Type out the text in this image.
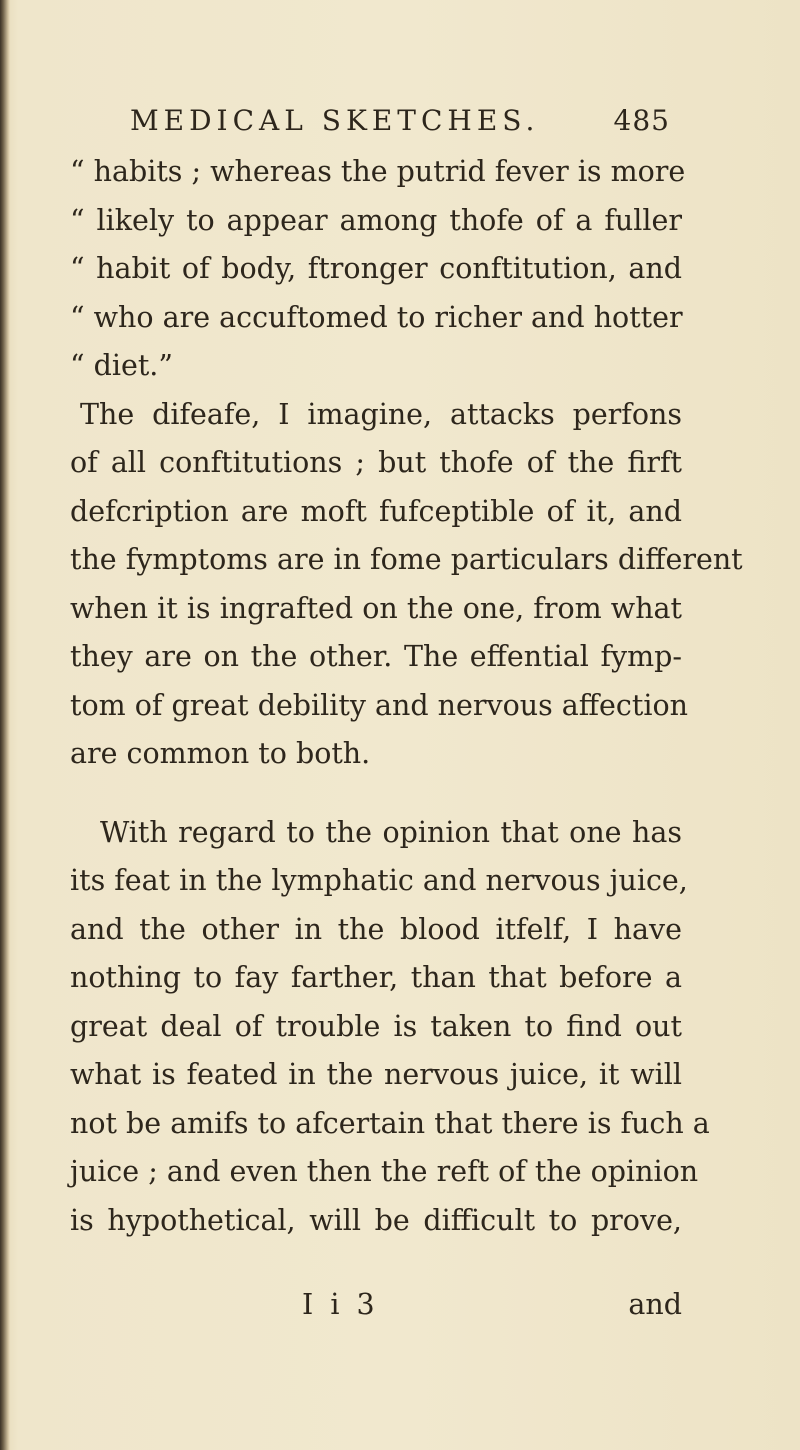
MEDICAL SKETCHES.	485
“ habits ; whereas the putrid fever is more
“ likely to appear among thofe of a fuller
“ habit of body, ftronger conftitution, and
“ who are accuftomed to richer and hotter
“ diet.”
The difeafe, I imagine, attacks perfons
of all conftitutions ; but thofe of the firft
defcription are moft fufceptible of it, and
the fymptoms are in fome particulars different
when it is ingrafted on the one, from what
they are on the other. The effential fymp-
tom of great debility and nervous affection
are common to both.
With regard to the opinion that one has
its feat in the lymphatic and nervous juice,
and the other in the blood itfelf, I have
nothing to fay farther, than that before a
great deal of trouble is taken to find out
what is feated in the nervous juice, it will
not be amifs to afcertain that there is fuch a
juice ; and even then the reft of the opinion
is hypothetical, will be difficult to prove,
I i 3	and
